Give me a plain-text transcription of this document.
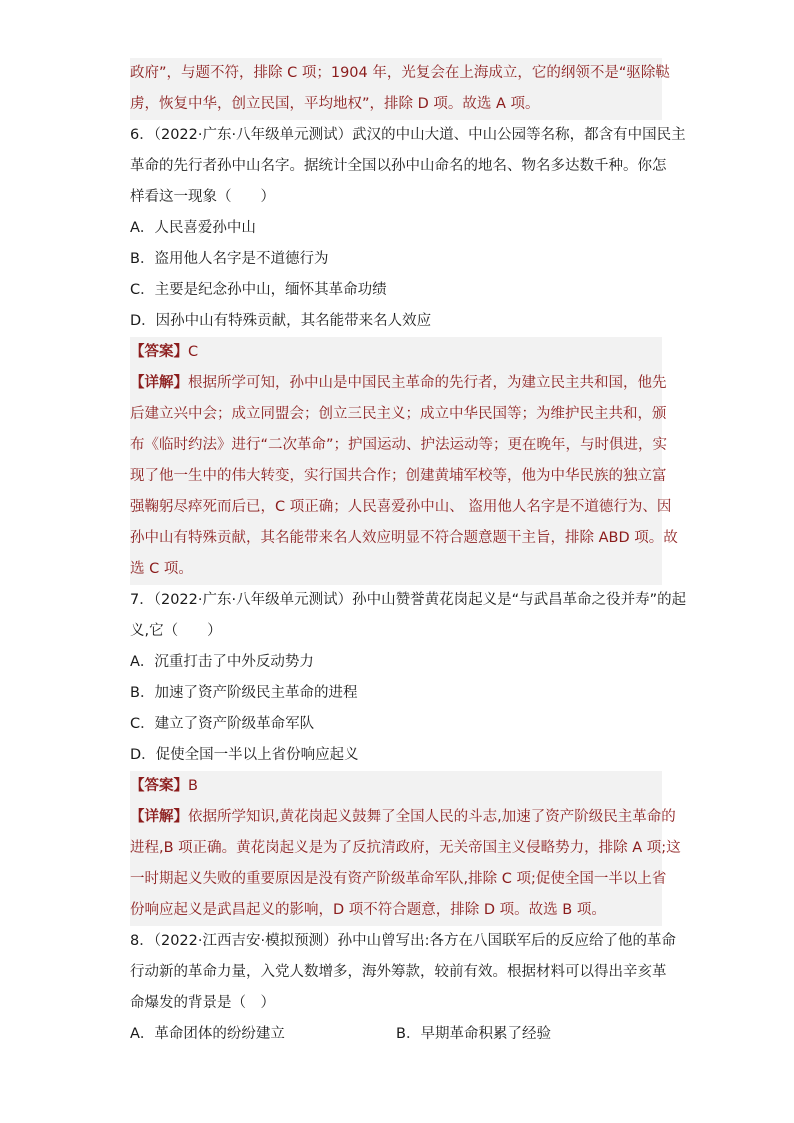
政府”，与题不符，排除 C 项；1904 年，光复会在上海成立，它的纲领不是“驱除鞑
虏，恢复中华，创立民国，平均地权”，排除 D 项。故选 A 项。
6．（2022·广东·八年级单元测试）武汉的中山大道、中山公园等名称，都含有中国民主
革命的先行者孙中山名字。据统计全国以孙中山命名的地名、物名多达数千种。你怎
样看这一现象（　　）
A．人民喜爱孙中山
B．盗用他人名字是不道德行为
C．主要是纪念孙中山，缅怀其革命功绩
D．因孙中山有特殊贡献，其名能带来名人效应
【答案】C
【详解】根据所学可知，孙中山是中国民主革命的先行者，为建立民主共和国，他先
后建立兴中会；成立同盟会；创立三民主义；成立中华民国等；为维护民主共和，颁
布《临时约法》进行“二次革命”；护国运动、护法运动等；更在晚年，与时俱进，实
现了他一生中的伟大转变，实行国共合作；创建黄埔军校等，他为中华民族的独立富
强鞠躬尽瘁死而后已，C 项正确；人民喜爱孙中山、 盗用他人名字是不道德行为、因
孙中山有特殊贡献，其名能带来名人效应明显不符合题意题干主旨，排除 ABD 项。故
选 C 项。
7．（2022·广东·八年级单元测试）孙中山赞誉黄花岗起义是“与武昌革命之役并寿”的起
义,它（　　）
A．沉重打击了中外反动势力
B．加速了资产阶级民主革命的进程
C．建立了资产阶级革命军队
D．促使全国一半以上省份响应起义
【答案】B
【详解】依据所学知识,黄花岗起义鼓舞了全国人民的斗志,加速了资产阶级民主革命的
进程,B 项正确。黄花岗起义是为了反抗清政府，无关帝国主义侵略势力，排除 A 项;这
一时期起义失败的重要原因是没有资产阶级革命军队,排除 C 项;促使全国一半以上省
份响应起义是武昌起义的影响，D 项不符合题意，排除 D 项。故选 B 项。
8．（2022·江西吉安·模拟预测）孙中山曾写出:各方在八国联军后的反应给了他的革命
行动新的革命力量，入党人数增多，海外筹款，较前有效。根据材料可以得出辛亥革
命爆发的背景是（　）
A．革命团体的纷纷建立	B．早期革命积累了经验
